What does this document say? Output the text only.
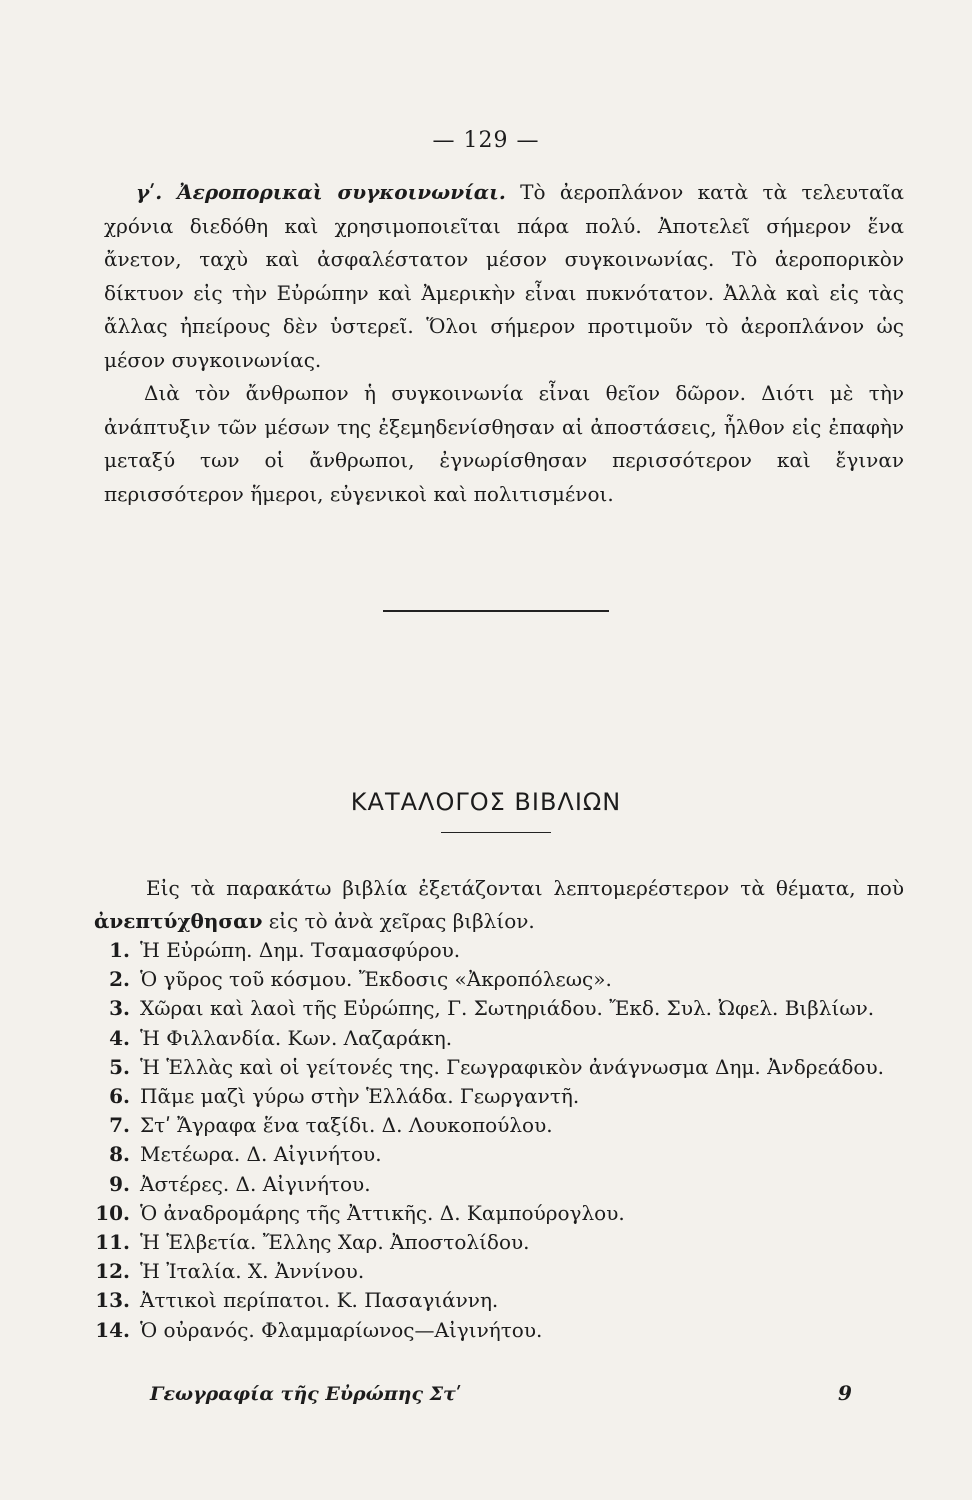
— 129 —

γʹ. Ἀεροπορικαὶ συγκοινωνίαι. Τὸ ἀεροπλάνον κατὰ τὰ τελευταῖα χρόνια διεδόθη καὶ χρησιμοποιεῖται πάρα πολύ. Ἀποτελεῖ σήμερον ἕνα ἄνετον, ταχὺ καὶ ἀσφαλέστατον μέσον συγκοινωνίας. Τὸ ἀεροπορικὸν δίκτυον εἰς τὴν Εὐρώπην καὶ Ἀμερικὴν εἶναι πυκνότατον. Ἀλλὰ καὶ εἰς τὰς ἄλλας ἠπείρους δὲν ὑστερεῖ. Ὅλοι σήμερον προτιμοῦν τὸ ἀεροπλάνον ὡς μέσον συγκοινωνίας.

Διὰ τὸν ἄνθρωπον ἡ συγκοινωνία εἶναι θεῖον δῶρον. Διότι μὲ τὴν ἀνάπτυξιν τῶν μέσων της ἐξεμηδενίσθησαν αἱ ἀποστάσεις, ἦλθον εἰς ἐπαφὴν μεταξύ των οἱ ἄνθρωποι, ἐγνωρίσθησαν περισσότερον καὶ ἔγιναν περισσότερον ἥμεροι, εὐγενικοὶ καὶ πολιτισμένοι.

ΚΑΤΑΛΟΓΟΣ ΒΙΒΛΙΩΝ

Εἰς τὰ παρακάτω βιβλία ἐξετάζονται λεπτομερέστερον τὰ θέματα, ποὺ ἀνεπτύχθησαν εἰς τὸ ἀνὰ χεῖρας βιβλίον.

1. Ἡ Εὐρώπη. Δημ. Τσαμασφύρου.
2. Ὁ γῦρος τοῦ κόσμου. Ἔκδοσις «Ἀκροπόλεως».
3. Χῶραι καὶ λαοὶ τῆς Εὐρώπης, Γ. Σωτηριάδου. Ἔκδ. Συλ. Ὠφελ. Βιβλίων.
4. Ἡ Φιλλανδία. Κων. Λαζαράκη.
5. Ἡ Ἑλλὰς καὶ οἱ γείτονές της. Γεωγραφικὸν ἀνάγνωσμα Δημ. Ἀνδρεάδου.
6. Πᾶμε μαζὶ γύρω στὴν Ἑλλάδα. Γεωργαντῆ.
7. Στʹ Ἄγραφα ἕνα ταξίδι. Δ. Λουκοπούλου.
8. Μετέωρα. Δ. Αἰγινήτου.
9. Ἀστέρες. Δ. Αἰγινήτου.
10. Ὁ ἀναδρομάρης τῆς Ἀττικῆς. Δ. Καμπούρογλου.
11. Ἡ Ἑλβετία. Ἔλλης Χαρ. Ἀποστολίδου.
12. Ἡ Ἰταλία. Χ. Ἀννίνου.
13. Ἀττικοὶ περίπατοι. Κ. Πασαγιάννη.
14. Ὁ οὐρανός. Φλαμμαρίωνος—Αἰγινήτου.
Γεωγραφία τῆς Εὐρώπης Στʹ	9
